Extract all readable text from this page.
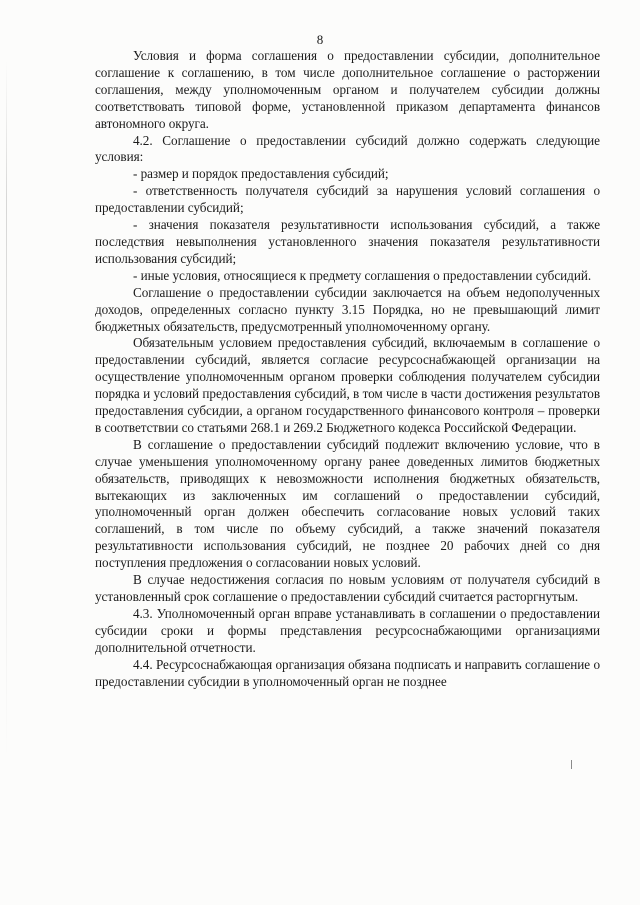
8

Условия и форма соглашения о предоставлении субсидии, дополнительное соглашение к соглашению, в том числе дополнительное соглашение о расторжении соглашения, между уполномоченным органом и получателем субсидии должны соответствовать типовой форме, установленной приказом департамента финансов автономного округа.

4.2. Соглашение о предоставлении субсидий должно содержать следующие условия:

- размер и порядок предоставления субсидий;

- ответственность получателя субсидий за нарушения условий соглашения о предоставлении субсидий;

- значения показателя результативности использования субсидий, а также последствия невыполнения установленного значения показателя результативности использования субсидий;

- иные условия, относящиеся к предмету соглашения о предоставлении субсидий.

Соглашение о предоставлении субсидии заключается на объем недополученных доходов, определенных согласно пункту 3.15 Порядка, но не превышающий лимит бюджетных обязательств, предусмотренный уполномоченному органу.

Обязательным условием предоставления субсидий, включаемым в соглашение о предоставлении субсидий, является согласие ресурсоснабжающей организации на осуществление уполномоченным органом проверки соблюдения получателем субсидии порядка и условий предоставления субсидий, в том числе в части достижения результатов предоставления субсидии, а органом государственного финансового контроля – проверки в соответствии со статьями 268.1 и 269.2 Бюджетного кодекса Российской Федерации.

В соглашение о предоставлении субсидий подлежит включению условие, что в случае уменьшения уполномоченному органу ранее доведенных лимитов бюджетных обязательств, приводящих к невозможности исполнения бюджетных обязательств, вытекающих из заключенных им соглашений о предоставлении субсидий, уполномоченный орган должен обеспечить согласование новых условий таких соглашений, в том числе по объему субсидий, а также значений показателя результативности использования субсидий, не позднее 20 рабочих дней со дня поступления предложения о согласовании новых условий.

В случае недостижения согласия по новым условиям от получателя субсидий в установленный срок соглашение о предоставлении субсидий считается расторгнутым.

4.3. Уполномоченный орган вправе устанавливать в соглашении о предоставлении субсидии сроки и формы представления ресурсоснабжающими организациями дополнительной отчетности.

4.4. Ресурсоснабжающая организация обязана подписать и направить соглашение о предоставлении субсидии в уполномоченный орган не позднее
